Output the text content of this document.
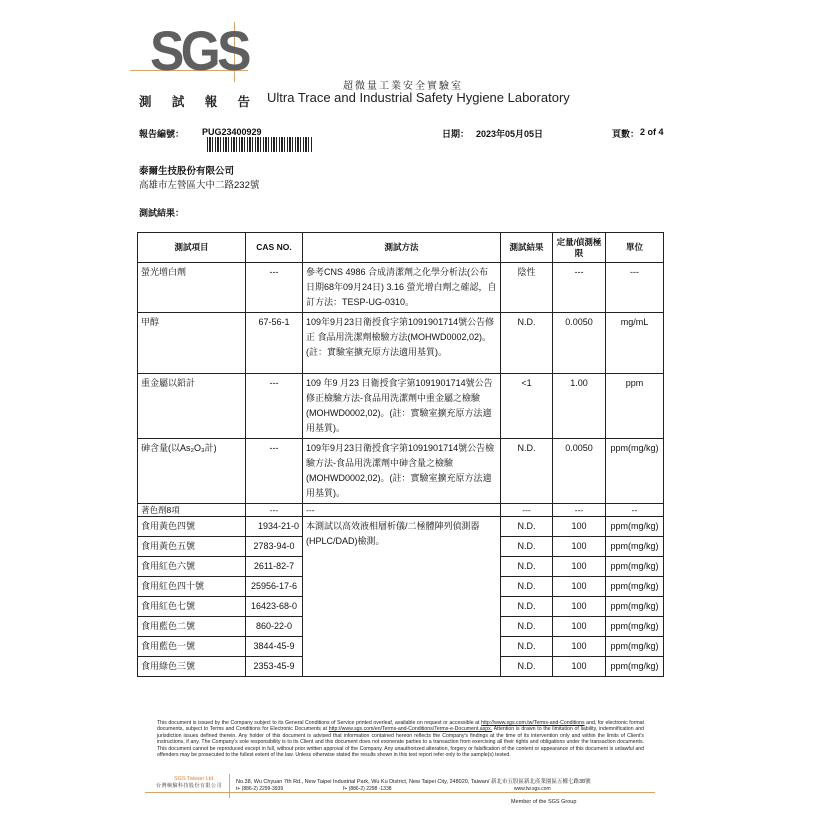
SGS
超微量工業安全實驗室
測 試 報 告 Ultra Trace and Industrial Safety Hygiene Laboratory
報告編號： PUG23400929	日期： 2023年05月05日	頁數： 2 of 4
泰爾生技股份有限公司
高雄市左營區大中二路232號
測試結果：
測試項目	CAS NO.	測試方法	測試結果	定量/偵測極限	單位
螢光增白劑	---	參考CNS 4986 合成清潔劑之化學分析法(公布日期68年09月24日) 3.16 螢光增白劑之確認，自訂方法：TESP-UG-0310。	陰性	---	---
甲醇	67-56-1	109年9月23日衛授食字第1091901714號公告修正 食品用洗潔劑檢驗方法(MOHWD0002,02)。(註：實驗室擴充原方法適用基質)。	N.D.	0.0050	mg/mL
重金屬以鉛計	---	109 年9 月23 日衛授食字第1091901714號公告修正檢驗方法-食品用洗潔劑中重金屬之檢驗(MOHWD0002,02)。(註：實驗室擴充原方法適用基質)。	<1	1.00	ppm
砷含量(以As₂O₃計)	---	109年9月23日衛授食字第1091901714號公告檢驗方法-食品用洗潔劑中砷含量之檢驗(MOHWD0002,02)。(註：實驗室擴充原方法適用基質)。	N.D.	0.0050	ppm(mg/kg)
著色劑8項	---	---	---	---	--
食用黃色四號	1934-21-0	本測試以高效液相層析儀/二極體陣列偵測器(HPLC/DAD)檢測。	N.D.	100	ppm(mg/kg)
食用黃色五號	2783-94-0		N.D.	100	ppm(mg/kg)
食用紅色六號	2611-82-7		N.D.	100	ppm(mg/kg)
食用紅色四十號	25956-17-6		N.D.	100	ppm(mg/kg)
食用紅色七號	16423-68-0		N.D.	100	ppm(mg/kg)
食用藍色二號	860-22-0		N.D.	100	ppm(mg/kg)
食用藍色一號	3844-45-9		N.D.	100	ppm(mg/kg)
食用綠色三號	2353-45-9		N.D.	100	ppm(mg/kg)
This document is issued by the Company subject to its General Conditions of Service printed overleaf, available on request or accessible at http://www.sgs.com.tw/Terms-and-Conditions and, for electronic format documents, subject to Terms and Conditions for Electronic Documents at http://www.sgs.com/en/Terms-and-Conditions/Terms-e-Document.aspx. Attention is drawn to the limitation of liability, indemnification and jurisdiction issues defined therein. Any holder of this document is advised that information contained hereon reflects the Company's findings at the time of its intervention only and within the limits of Client's instructions, if any. The Company's sole responsibility is to its Client and this document does not exonerate parties to a transaction from exercising all their rights and obligations under the transaction documents. This document cannot be reproduced except in full, without prior written approval of the Company. Any unauthorized alteration, forgery or falsification of the content or appearance of this document is unlawful and offenders may be prosecuted to the fullest extent of the law. Unless otherwise stated the results shown in this test report refer only to the sample(s) tested.
SGS Taiwan Ltd.
台灣檢驗科技股份有限公司
No.38, Wu Chyuan 7th Rd., New Taipei Industrial Park, Wu Ku District, New Taipei City, 248020, Taiwan/ 新北市五股區新北產業園區五權七路38號
t+ (886-2) 2299-3939	f+ (886-2) 2298 -1338	www.tw.sgs.com
Member of the SGS Group
